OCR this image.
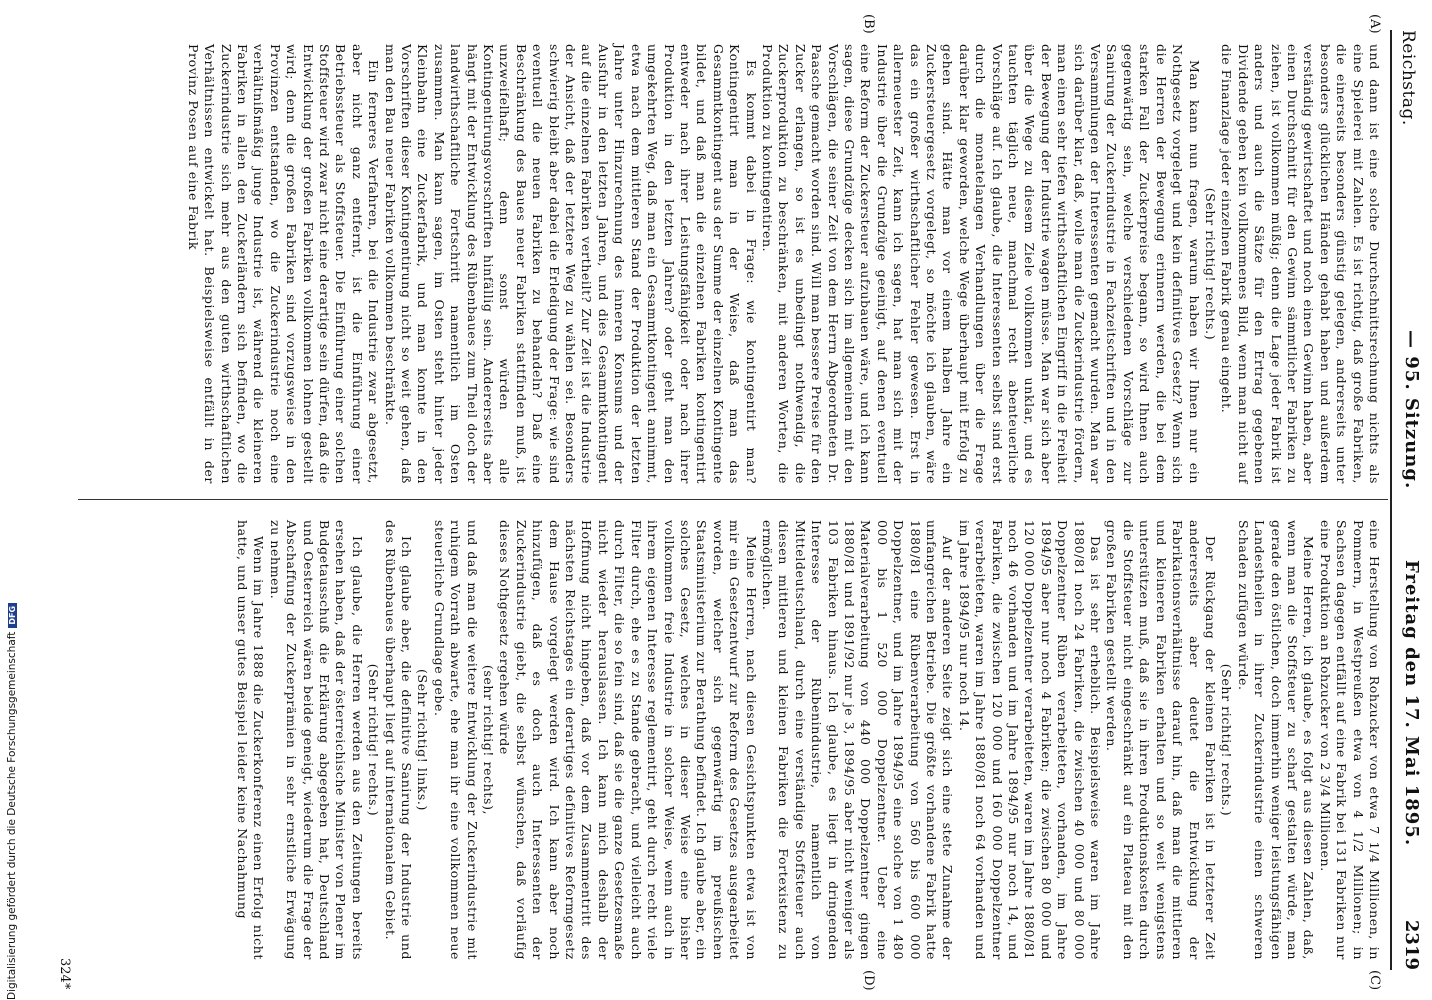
Reichstag.
— 95. Sitzung.
Freitag den 17. Mai 1895.
2319
(A)
(B)
(C)
(D)

und dann ist eine solche Durchschnittsrechnung nichts als eine Spielerei mit Zahlen. Es ist richtig, daß große Fabriken, die einerseits besonders günstig gelegen, andrerseits unter besonders glücklichen Händen gehabt haben und außerdem verständig gewirtschaftet und noch einen Gewinn haben, aber einen Durchschnitt für den Gewinn sämmtlicher Fabriken zu ziehen, ist vollkommen müßig; denn die Lage jeder Fabrik ist anders und auch die Sätze für den Ertrag gegebenen Dividende geben kein vollkommenes Bild, wenn man nicht auf die Finanzlage jeder einzelnen Fabrik genau eingeht.

(Sehr richtig! rechts.)

Man kann nun fragen, warum haben wir Ihnen nur ein Nothgesetz vorgelegt und kein definitives Gesetz? Wenn sich die Herren der Bewegung erinnern werden, die bei dem starken Fall der Zuckerpreise begann, so wird Ihnen auch gegenwärtig sein, welche verschiedenen Vorschläge zur Sanirung der Zuckerindustrie in Fachzeitschriften und in den Versammlungen der Interessenten gemacht wurden. Man war sich darüber klar, daß, wolle man die Zuckerindustrie fördern, man einen sehr tiefen wirthschaftlichen Eingriff in die Freiheit der Bewegung der Industrie wagen müsse. Man war sich aber über die Wege zu diesem Ziele vollkommen unklar, und es tauchten täglich neue, manchmal recht abenteuerliche Vorschläge auf. Ich glaube, die Interessenten selbst sind erst durch die monatelangen Verhandlungen über die Frage darüber klar geworden, welche Wege überhaupt mit Erfolg zu gehen sind. Hätte man vor einem halben Jahre ein Zuckersteuergesetz vorgelegt, so möchte ich glauben, wäre das ein großer wirthschaftlicher Fehler gewesen. Erst in allerneuester Zeit, kann ich sagen, hat man sich mit der Industrie über die Grundzüge geeinigt, auf denen eventuell eine Reform der Zuckersteuer aufzubauen wäre, und ich kann sagen, diese Grundzüge decken sich im allgemeinen mit den Vorschlägen, die seiner Zeit von dem Herrn Abgeordneten Dr. Paasche gemacht worden sind. Will man bessere Preise für den Zucker erlangen, so ist es unbedingt nothwendig, die Zuckerproduktion zu beschränken, mit anderen Worten, die Produktion zu kontingentiren.

Es kommt dabei in Frage: wie kontingentirt man? Kontingentirt man in der Weise, daß man das Gesammtkontingent aus der Summe der einzelnen Kontingente bildet, und daß man die einzelnen Fabriken kontingentirt entweder nach ihrer Leistungsfähigkeit oder nach ihrer Produktion in den letzten Jahren? oder geht man den umgekehrten Weg, daß man ein Gesammtkontingent annimmt, etwa nach dem mittleren Stand der Produktion der letzten Jahre unter Hinzurechnung des inneren Konsums und der Ausfuhr in den letzten Jahren, und dies Gesammtkontingent auf die einzelnen Fabriken vertheilt? Zur Zeit ist die Industrie der Ansicht, daß der letztere Weg zu wählen sei. Besonders schwierig bleibt aber dabei die Erledigung der Frage: wie sind eventuell die neuen Fabriken zu behandeln? Daß eine Beschränkung des Baues neuer Fabriken stattfinden muß, ist unzweifelhaft; denn sonst würden alle Kontingentirungsvorschriften hinfällig sein. Andererseits aber hängt mit der Entwicklung des Rübenbaues zum Theil doch der landwirthschaftliche Fortschritt namentlich im Osten zusammen. Man kann sagen, im Osten steht hinter jeder Kleinbahn eine Zuckerfabrik, und man konnte in den Vorschriften dieser Kontingentirung nicht so weit gehen, daß man den Bau neuer Fabriken vollkommen beschränkte.

Ein ferneres Verfahren, bei die Industrie zwar abgesetzt, aber nicht ganz entfernt, ist die Einführung einer Betriebssteuer als Stoffsteuer. Die Einführung einer solchen Stoffsteuer wird zwar nicht eine derartige sein dürfen, daß die Entwicklung der großen Fabriken vollkommen lohnen gestellt wird; denn die großen Fabriken sind vorzugsweise in den Provinzen entstanden, wo die Zuckerindustrie noch eine verhältnißmäßig junge Industrie ist, während die kleineren Fabriken in allen den Zuckerländern sich befinden, wo die Zuckerindustrie sich mehr aus den guten wirthschaftlichen Verhältnissen entwickelt hat. Beispielsweise entfällt in der Provinz Posen auf eine Fabrik

eine Herstellung von Rohzucker von etwa 7 1/4 Millionen, in Pommern, in Westpreußen etwa von 4 1/2 Millionen; in Sachsen dagegen entfällt auf eine Fabrik bei 131 Fabriken nur eine Produktion an Rohzucker von 2 3/4 Millionen.

Meine Herren, ich glaube, es folgt aus diesen Zahlen, daß, wenn man die Stoffsteuer zu scharf gestalten würde, man gerade den östlichen, doch immerhin weniger leistungsfähigen Landestheilen in ihrer Zuckerindustrie einen schweren Schaden zufügen würde.

(Sehr richtig! rechts.)

Der Rückgang der kleinen Fabriken ist in letzterer Zeit andererseits aber deutet die Entwicklung der Fabrikationsverhältnisse darauf hin, daß man die mittleren und kleineren Fabriken erhalten und so weit wenigstens unterstützen muß, daß sie in ihren Produktionskosten durch die Stoffsteuer nicht eingeschränkt auf ein Plateau mit den großen Fabriken gestellt werden.

Das ist sehr erheblich. Beispielsweise waren im Jahre 1880/81 noch 24 Fabriken, die zwischen 40 000 und 80 000 Doppelzentner Rüben verarbeiteten, vorhanden, im Jahre 1894/95 aber nur noch 4 Fabriken; die zwischen 80 000 und 120 000 Doppelzentner verarbeiteten, waren im Jahre 1880/81 noch 46 vorhanden und im Jahre 1894/95 nur noch 14, und Fabriken, die zwischen 120 000 und 160 000 Doppelzentner verarbeiteten, waren im Jahre 1880/81 noch 64 vorhanden und im Jahre 1894/95 nur noch 14.

Auf der anderen Seite zeigt sich eine stete Zunahme der umfangreichen Betriebe. Die größte vorhandene Fabrik hatte 1880/81 eine Rübenverarbeitung von 560 bis 600 000 Doppelzentner, und im Jahre 1894/95 eine solche von 1 480 000 bis 1 520 000 Doppelzentner. Ueber eine Materialverarbeitung von 440 000 Doppelzentner gingen 1880/81 und 1891/92 nur je 3, 1894/95 aber nicht weniger als 103 Fabriken hinaus. Ich glaube, es liegt in dringenden Interesse der Rübenindustrie, namentlich von Mitteldeutschland, durch eine verständige Stoffsteuer auch diesen mittleren und kleinen Fabriken die Fortexistenz zu ermöglichen.

Meine Herren, nach diesen Gesichtspunkten etwa ist von mir ein Gesetzentwurf zur Reform des Gesetzes ausgearbeitet worden, welcher sich gegenwärtig im preußischen Staatsministerium zur Berathung befindet. Ich glaube aber, ein solches Gesetz, welches in dieser Weise eine bisher vollkommen freie Industrie in solcher Weise, wenn auch in ihrem eigenen Interesse reglementirt, geht durch recht viele Filter durch, ehe es zu Stande gebracht, und vielleicht auch durch Filter, die so fein sind, daß sie die ganze Gesetzesmaße nicht wieder herauslassen. Ich kann mich deshalb der Hoffnung nicht hingeben, daß vor dem Zusammentritt des nächsten Reichstages ein derartiges definitives Reformgesetz dem Hause vorgelegt werden wird. Ich kann aber noch hinzufügen, daß es doch auch Interessenten der Zuckerindustrie giebt, die selbst wünschen, daß vorläufig dieses Nothgesetz ergehen würde

(sehr richtig! rechts),

und daß man die weitere Entwicklung der Zuckerindustrie mit ruhigem Vorrath abwarte, ehe man ihr eine vollkommen neue steuerliche Grundlage gebe.

(Sehr richtig! links.)

Ich glaube aber, die definitive Sanirung der Industrie und des Rübenbaues überhaupt liegt auf internationalem Gebiet.

(Sehr richtig! rechts.)

Ich glaube, die Herren werden aus den Zeitungen bereits ersehen haben, daß der österreichische Minister von Plener im Budgetausschuß die Erklärung abgegeben hat, Deutschland und Oesterreich wären beide geneigt, wiederum die Frage der Abschaffung der Zuckerprämien in sehr ernstliche Erwägung zu nehmen.

Wenn im Jahre 1888 die Zuckerkonferenz einen Erfolg nicht hatte, und unser gutes Beispiel leider keine Nachahmung

324*
Digitalisierung gefördert durch die Deutsche ForschungsgemeinschaftDFG
